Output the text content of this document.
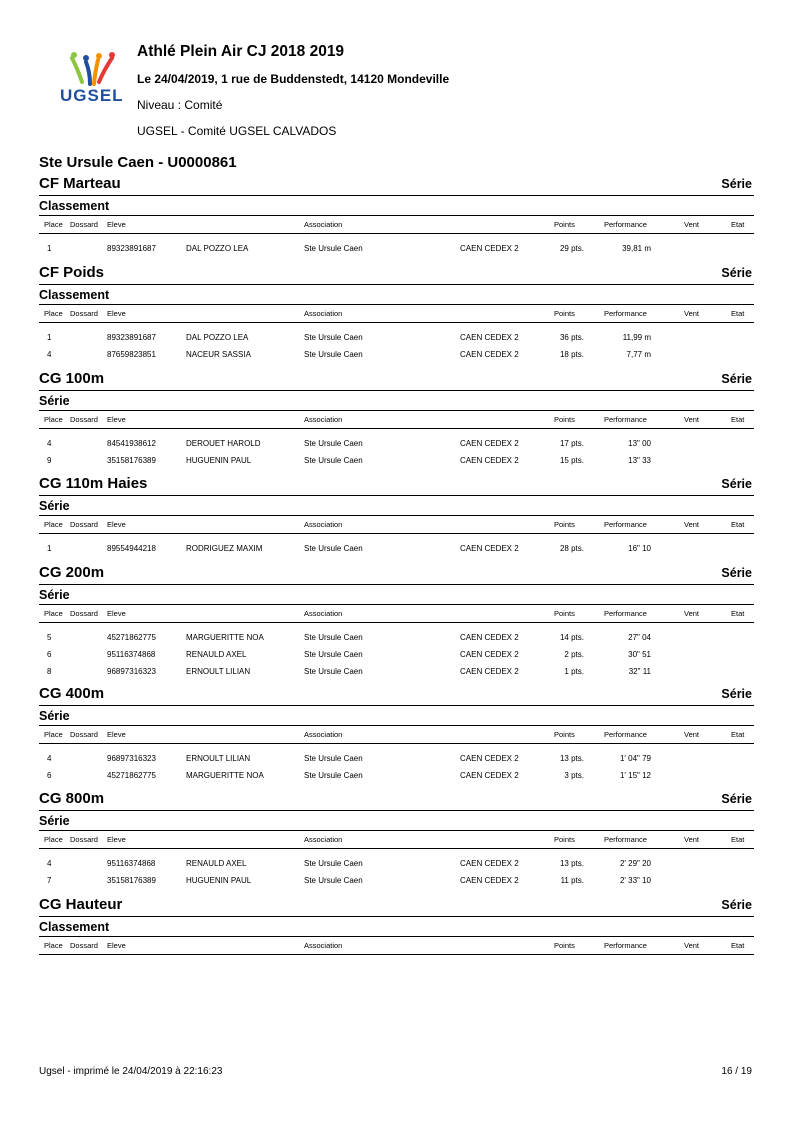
UGSEL
Athlé Plein Air CJ 2018 2019
Le 24/04/2019, 1 rue de Buddenstedt, 14120 Mondeville
Niveau : Comité
UGSEL - Comité UGSEL CALVADOS
Ste Ursule Caen - U0000861
CF Marteau	Série
Classement
Place Dossard Eleve	Association	Points	Performance	Vent	Etat
1	89323891687	DAL POZZO LEA	Ste Ursule Caen	CAEN CEDEX 2	29 pts.	39,81 m
CF Poids	Série
Classement
Place Dossard Eleve	Association	Points	Performance	Vent	Etat
1	89323891687	DAL POZZO LEA	Ste Ursule Caen	CAEN CEDEX 2	36 pts.	11,99 m
4	87659823851	NACEUR SASSIA	Ste Ursule Caen	CAEN CEDEX 2	18 pts.	7,77 m
CG 100m	Série
Série
Place Dossard Eleve	Association	Points	Performance	Vent	Etat
4	84541938612	DEROUET HAROLD	Ste Ursule Caen	CAEN CEDEX 2	17 pts.	13" 00
9	35158176389	HUGUENIN PAUL	Ste Ursule Caen	CAEN CEDEX 2	15 pts.	13" 33
CG 110m Haies	Série
Série
Place Dossard Eleve	Association	Points	Performance	Vent	Etat
1	89554944218	RODRIGUEZ MAXIM	Ste Ursule Caen	CAEN CEDEX 2	28 pts.	16" 10
CG 200m	Série
Série
Place Dossard Eleve	Association	Points	Performance	Vent	Etat
5	45271862775	MARGUERITTE NOA	Ste Ursule Caen	CAEN CEDEX 2	14 pts.	27" 04
6	95116374868	RENAULD AXEL	Ste Ursule Caen	CAEN CEDEX 2	2 pts.	30" 51
8	96897316323	ERNOULT LILIAN	Ste Ursule Caen	CAEN CEDEX 2	1 pts.	32" 11
CG 400m	Série
Série
Place Dossard Eleve	Association	Points	Performance	Vent	Etat
4	96897316323	ERNOULT LILIAN	Ste Ursule Caen	CAEN CEDEX 2	13 pts.	1' 04" 79
6	45271862775	MARGUERITTE NOA	Ste Ursule Caen	CAEN CEDEX 2	3 pts.	1' 15" 12
CG 800m	Série
Série
Place Dossard Eleve	Association	Points	Performance	Vent	Etat
4	95116374868	RENAULD AXEL	Ste Ursule Caen	CAEN CEDEX 2	13 pts.	2' 29" 20
7	35158176389	HUGUENIN PAUL	Ste Ursule Caen	CAEN CEDEX 2	11 pts.	2' 33" 10
CG Hauteur	Série
Classement
Place Dossard Eleve	Association	Points	Performance	Vent	Etat
Ugsel - imprimé le 24/04/2019 à 22:16:23	16 / 19
